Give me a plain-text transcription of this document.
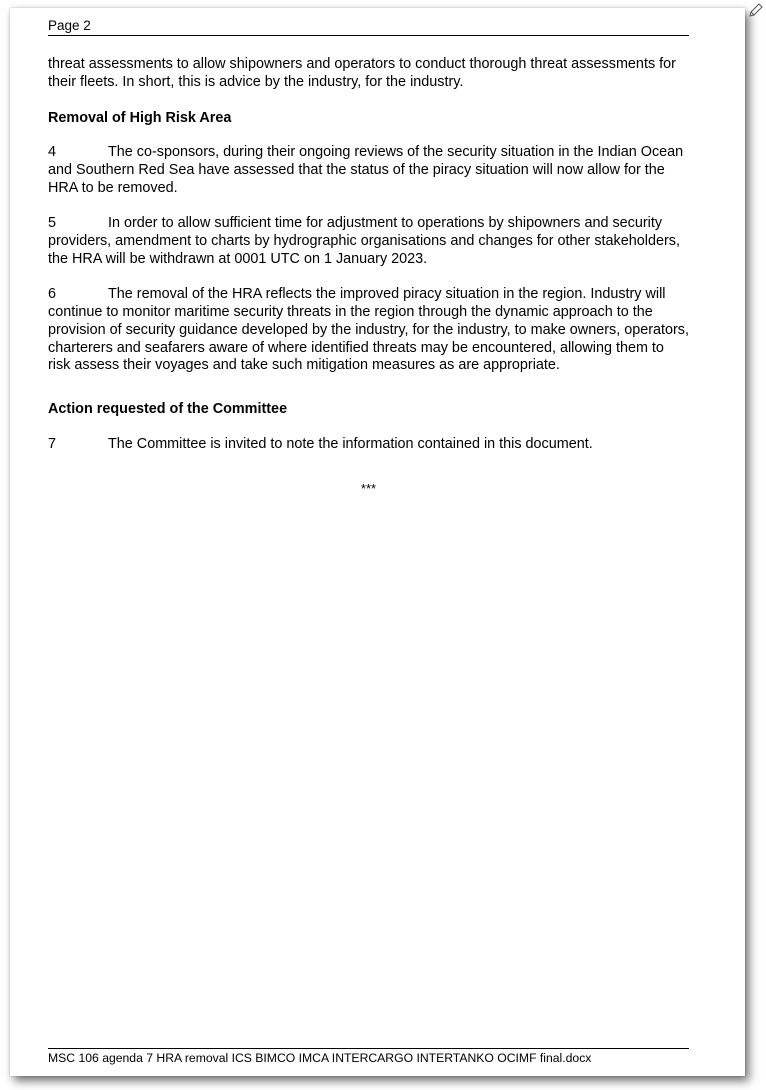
Page 2

threat assessments to allow shipowners and operators to conduct thorough threat assessments for their fleets. In short, this is advice by the industry, for the industry.

Removal of High Risk Area

4	The co-sponsors, during their ongoing reviews of the security situation in the Indian Ocean and Southern Red Sea have assessed that the status of the piracy situation will now allow for the HRA to be removed.

5	In order to allow sufficient time for adjustment to operations by shipowners and security providers, amendment to charts by hydrographic organisations and changes for other stakeholders, the HRA will be withdrawn at 0001 UTC on 1 January 2023.

6	The removal of the HRA reflects the improved piracy situation in the region. Industry will continue to monitor maritime security threats in the region through the dynamic approach to the provision of security guidance developed by the industry, for the industry, to make owners, operators, charterers and seafarers aware of where identified threats may be encountered, allowing them to risk assess their voyages and take such mitigation measures as are appropriate.

Action requested of the Committee

7	The Committee is invited to note the information contained in this document.

***

MSC 106 agenda 7 HRA removal ICS BIMCO IMCA INTERCARGO INTERTANKO OCIMF final.docx
